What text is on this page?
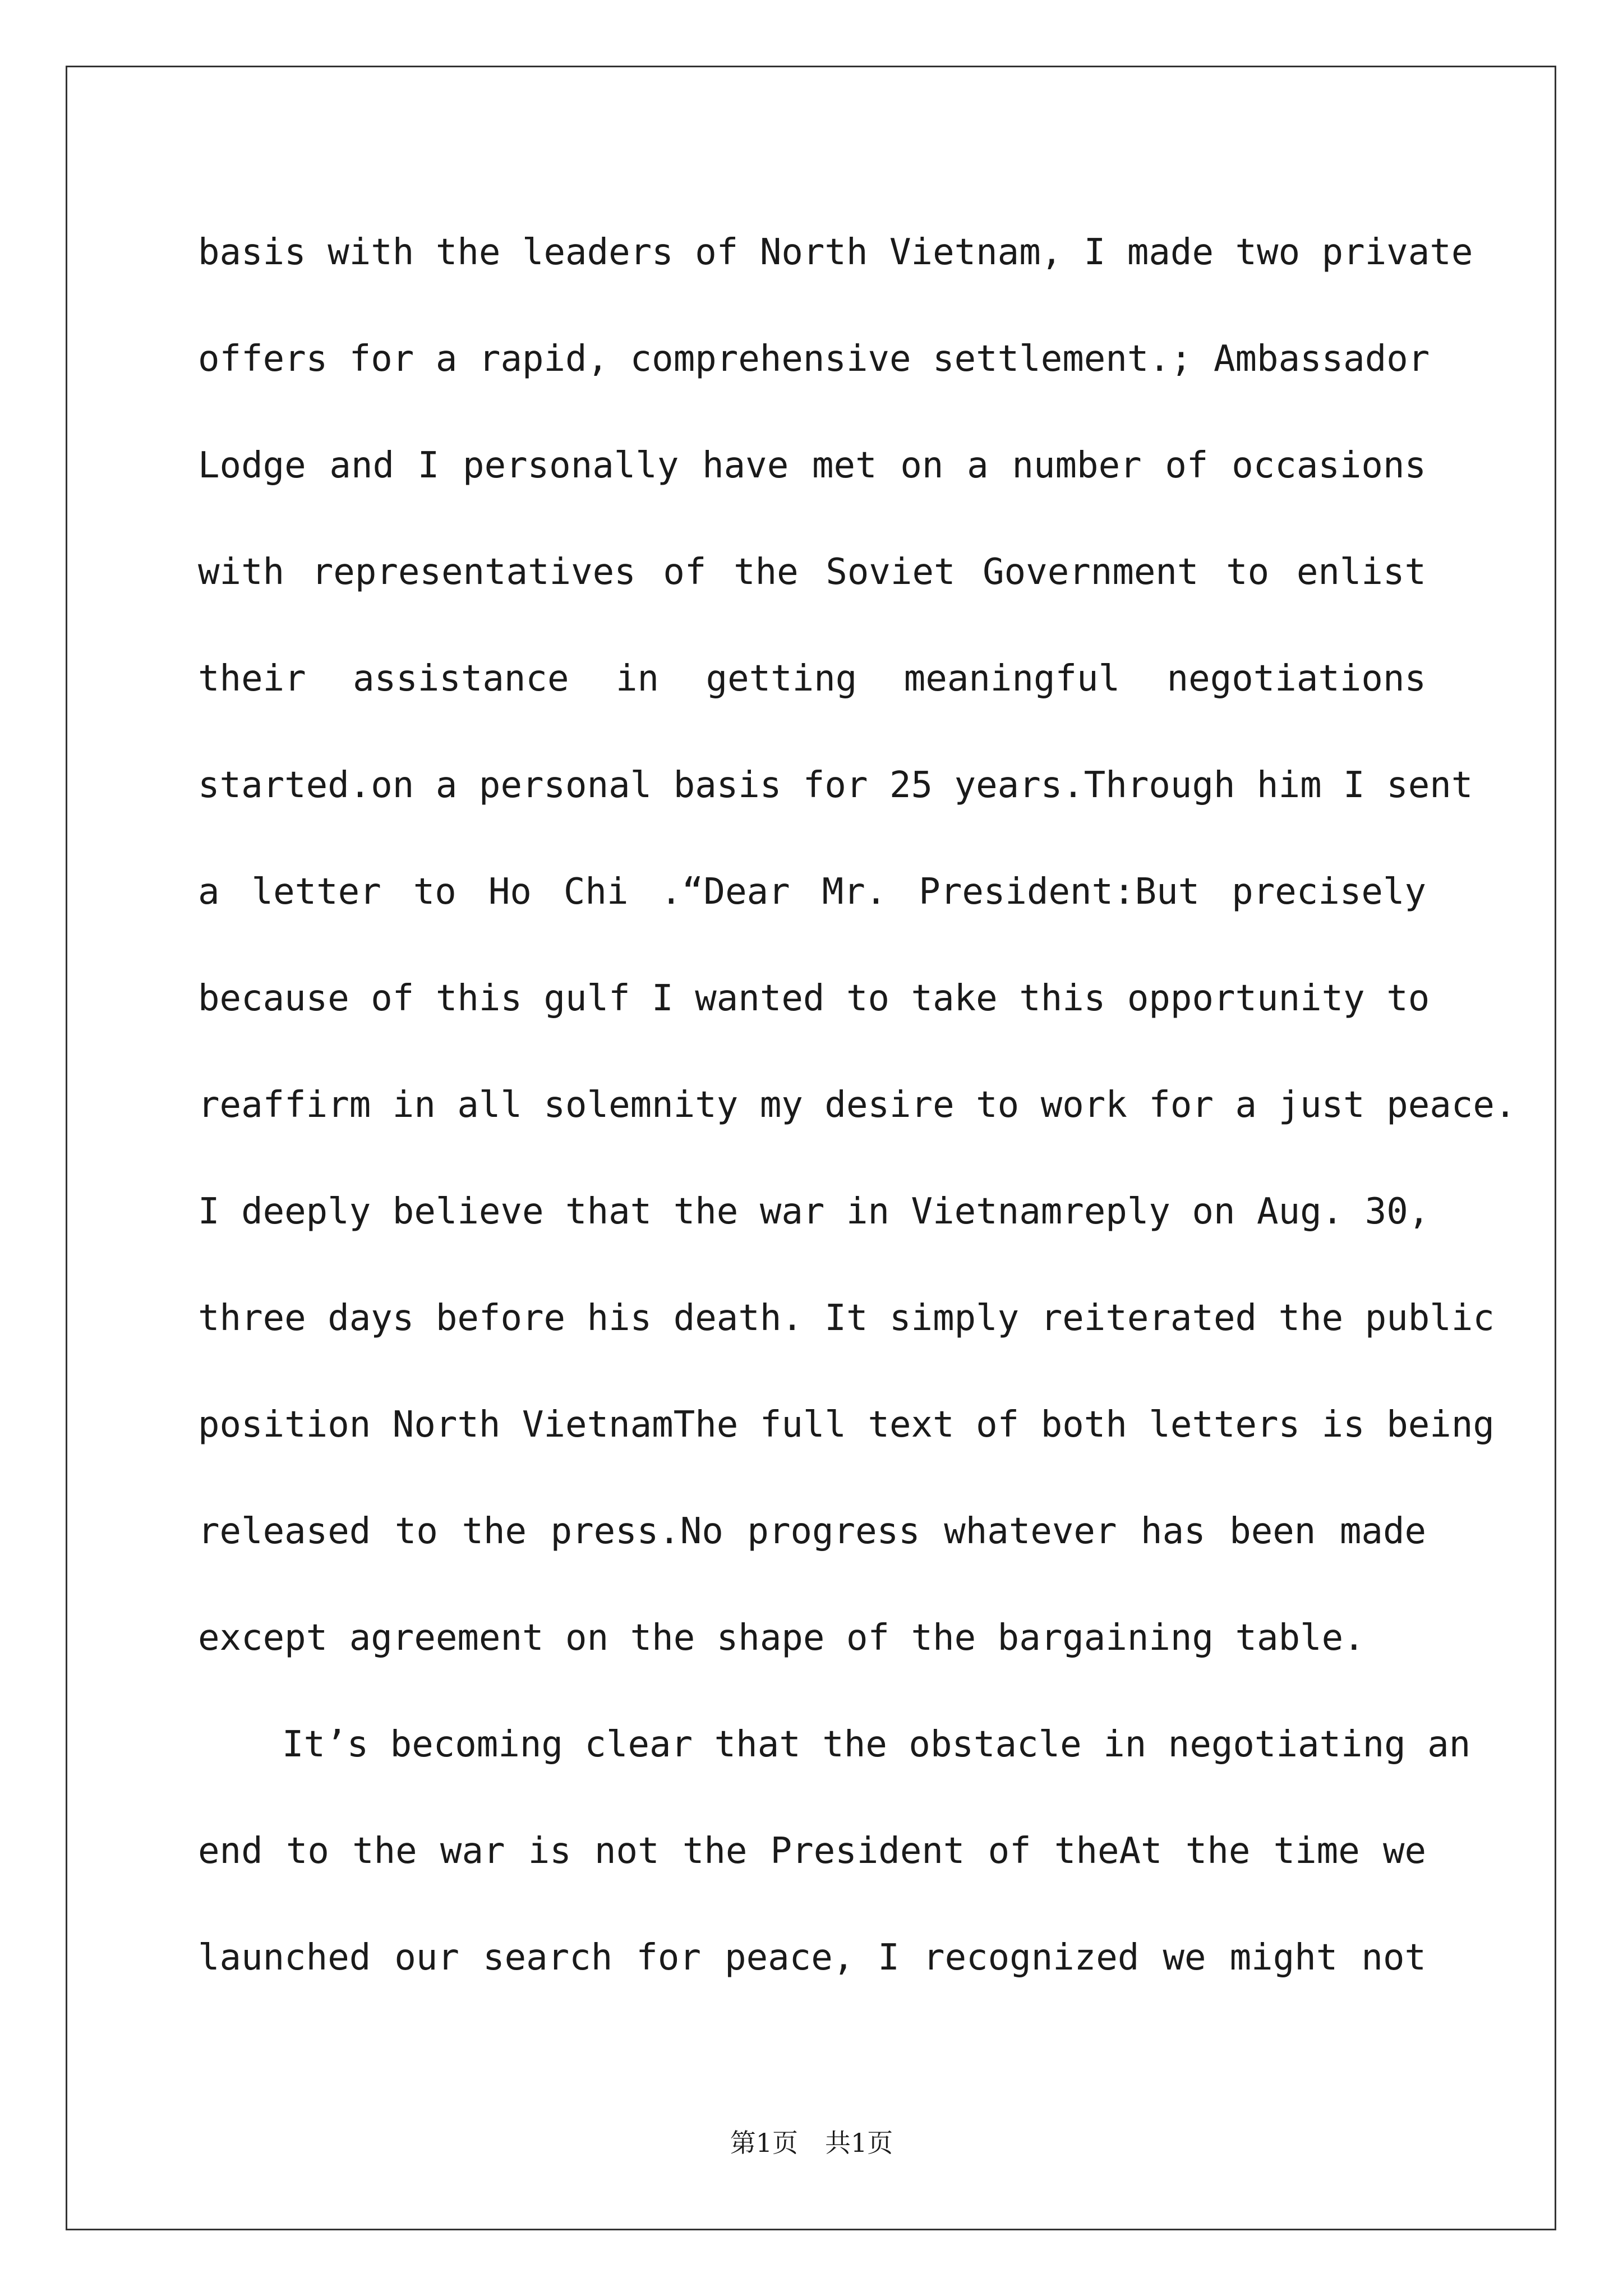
basis with the leaders of North Vietnam, I made two private
offers for a rapid, comprehensive settlement.; Ambassador
Lodge and I personally have met on a number of occasions
with representatives of the Soviet Government to enlist
their assistance in getting meaningful negotiations
started.on a personal basis for 25 years.Through him I sent
a letter to Ho Chi .“Dear Mr. President:But precisely
because of this gulf I wanted to take this opportunity to
reaffirm in all solemnity my desire to work for a just peace.
I deeply believe that the war in Vietnamreply on Aug. 30,
three days before his death. It simply reiterated the public
position North VietnamThe full text of both letters is being
released to the press.No progress whatever has been made
except agreement on the shape of the bargaining table.
It’s becoming clear that the obstacle in negotiating an
end to the war is not the President of theAt the time we
launched our search for peace, I recognized we might not
第1页 共1页
